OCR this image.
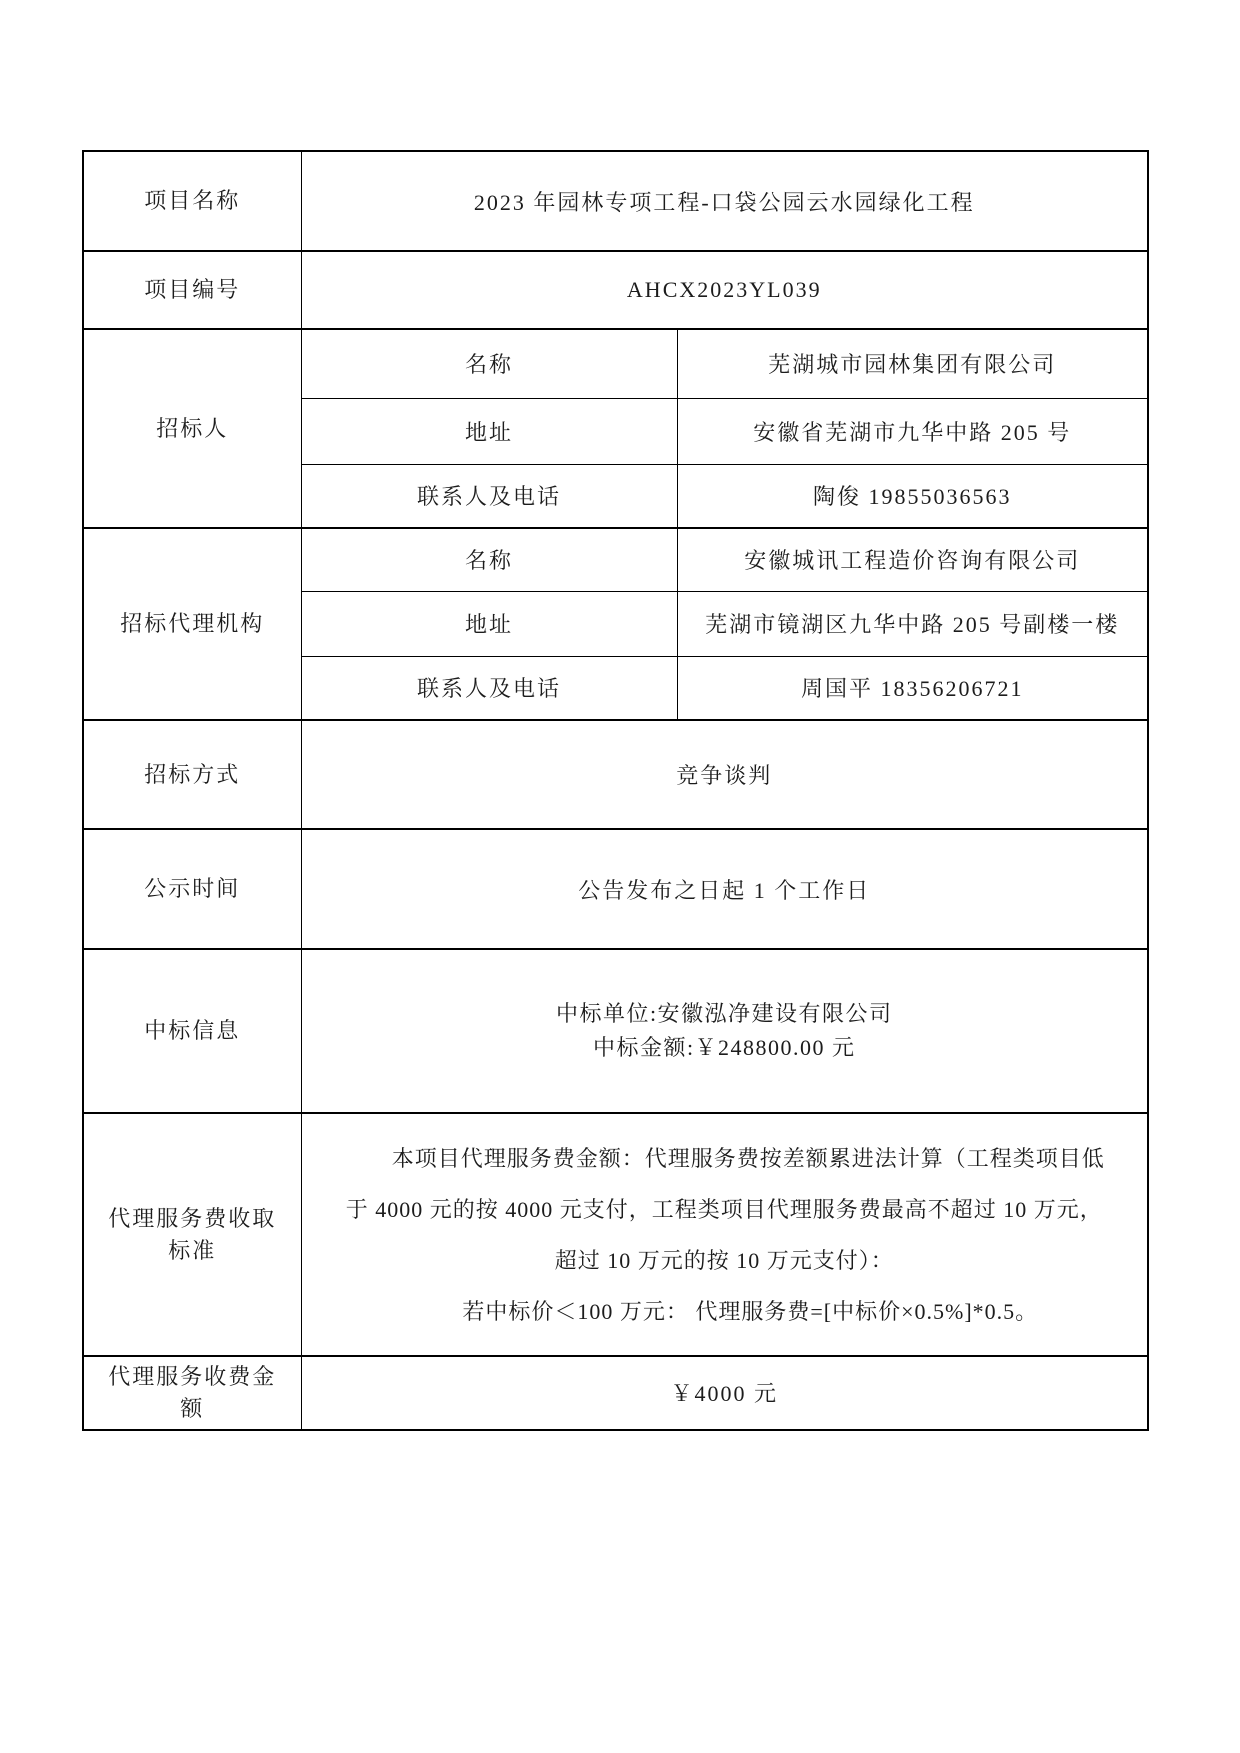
项目名称	2023 年园林专项工程-口袋公园云水园绿化工程	

项目编号	AHCX2023YL039	

招标人	名称	芜湖城市园林集团有限公司
	地址	安徽省芜湖市九华中路 205 号
	联系人及电话	陶俊 19855036563

招标代理机构	名称	安徽城讯工程造价咨询有限公司
	地址	芜湖市镜湖区九华中路 205 号副楼一楼
	联系人及电话	周国平 18356206721

招标方式	竞争谈判	

公示时间	公告发布之日起 1 个工作日	

中标信息	中标单位:安徽泓净建设有限公司
中标金额:￥248800.00 元	

代理服务费收取标准	本项目代理服务费金额：代理服务费按差额累进法计算（工程类项目低
于 4000 元的按 4000 元支付，工程类项目代理服务费最高不超过 10 万元，
超过 10 万元的按 10 万元支付）：
若中标价＜100 万元： 代理服务费=[中标价×0.5%]*0.5。	

代理服务收费金额	￥4000 元	
